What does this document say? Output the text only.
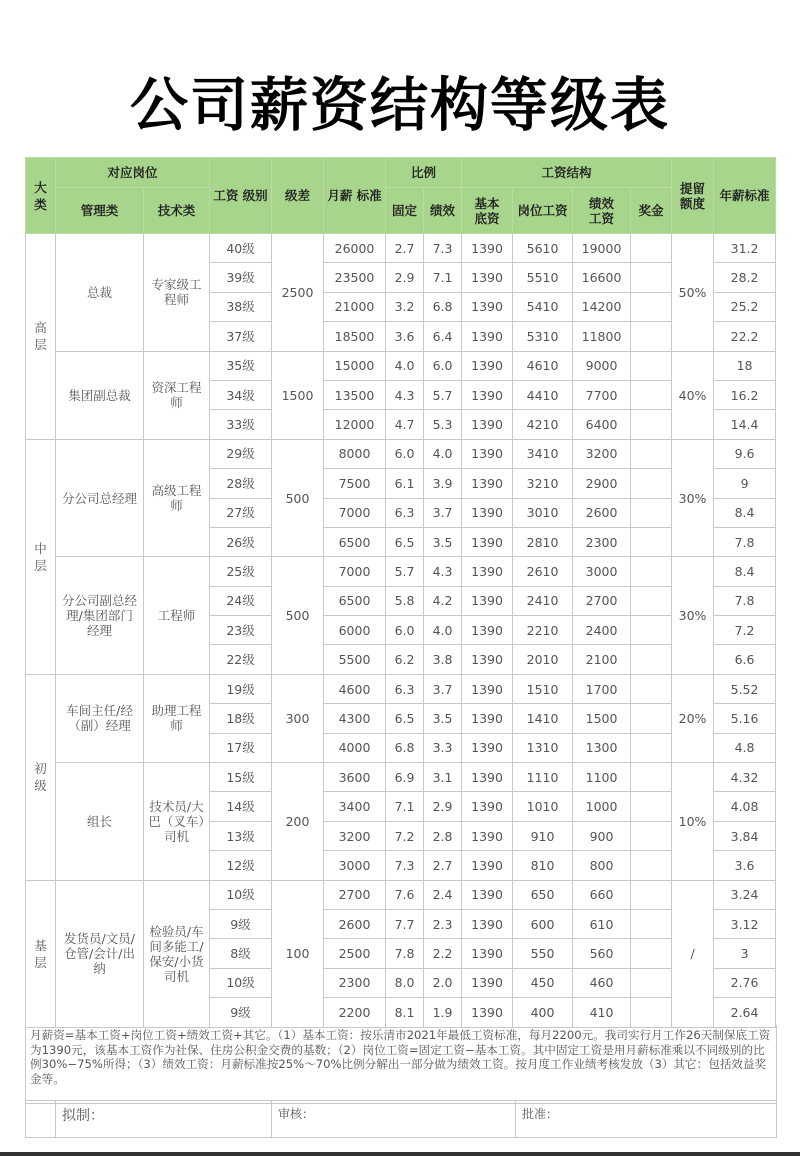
公司薪资结构等级表
大类	对应岗位		工资 级别	级差	月薪 标准	比例		工资结构				提留额度	年薪标准
	管理类	技术类				固定	绩效	基本底资	岗位工资	绩效工资	奖金		
高层	总裁	专家级工程师	40级	2500	26000	2.7	7.3	1390	5610	19000		50%	31.2
			39级		23500	2.9	7.1	1390	5510	16600			28.2
			38级		21000	3.2	6.8	1390	5410	14200			25.2
			37级		18500	3.6	6.4	1390	5310	11800			22.2
	集团副总裁	资深工程师	35级	1500	15000	4.0	6.0	1390	4610	9000		40%	18
			34级		13500	4.3	5.7	1390	4410	7700			16.2
			33级		12000	4.7	5.3	1390	4210	6400			14.4
中层	分公司总经理	高级工程师	29级	500	8000	6.0	4.0	1390	3410	3200		30%	9.6
			28级		7500	6.1	3.9	1390	3210	2900			9
			27级		7000	6.3	3.7	1390	3010	2600			8.4
			26级		6500	6.5	3.5	1390	2810	2300			7.8
	分公司副总经理/集团部门经理	工程师	25级	500	7000	5.7	4.3	1390	2610	3000		30%	8.4
			24级		6500	5.8	4.2	1390	2410	2700			7.8
			23级		6000	6.0	4.0	1390	2210	2400			7.2
			22级		5500	6.2	3.8	1390	2010	2100			6.6
初级	车间主任/经（副）经理	助理工程师	19级	300	4600	6.3	3.7	1390	1510	1700		20%	5.52
			18级		4300	6.5	3.5	1390	1410	1500			5.16
			17级		4000	6.8	3.3	1390	1310	1300			4.8
	组长	技术员/大巴（叉车）司机	15级	200	3600	6.9	3.1	1390	1110	1100		10%	4.32
			14级		3400	7.1	2.9	1390	1010	1000			4.08
			13级		3200	7.2	2.8	1390	910	900			3.84
			12级		3000	7.3	2.7	1390	810	800			3.6
基层	发货员/文员/仓管/会计/出纳	检验员/车间多能工/保安/小货司机	10级	100	2700	7.6	2.4	1390	650	660		/	3.24
			9级		2600	7.7	2.3	1390	600	610			3.12
			8级		2500	7.8	2.2	1390	550	560			3
			10级		2300	8.0	2.0	1390	450	460			2.76
			9级		2200	8.1	1.9	1390	400	410			2.64
月薪资=基本工资+岗位工资+绩效工资+其它。（1）基本工资：按乐清市2021年最低工资标准，每月2200元。我司实行月工作26天制保底工资为1390元，该基本工资作为社保、住房公积金交费的基数；（2）岗位工资=固定工资−基本工资。其中固定工资是用月薪标准乘以不同级别的比例30%−75%所得；（3）绩效工资：月薪标准按25%～70%比例分解出一部分做为绩效工资。按月度工作业绩考核发放（3）其它：包括效益奖金等。
拟制：	审核：	批准：
